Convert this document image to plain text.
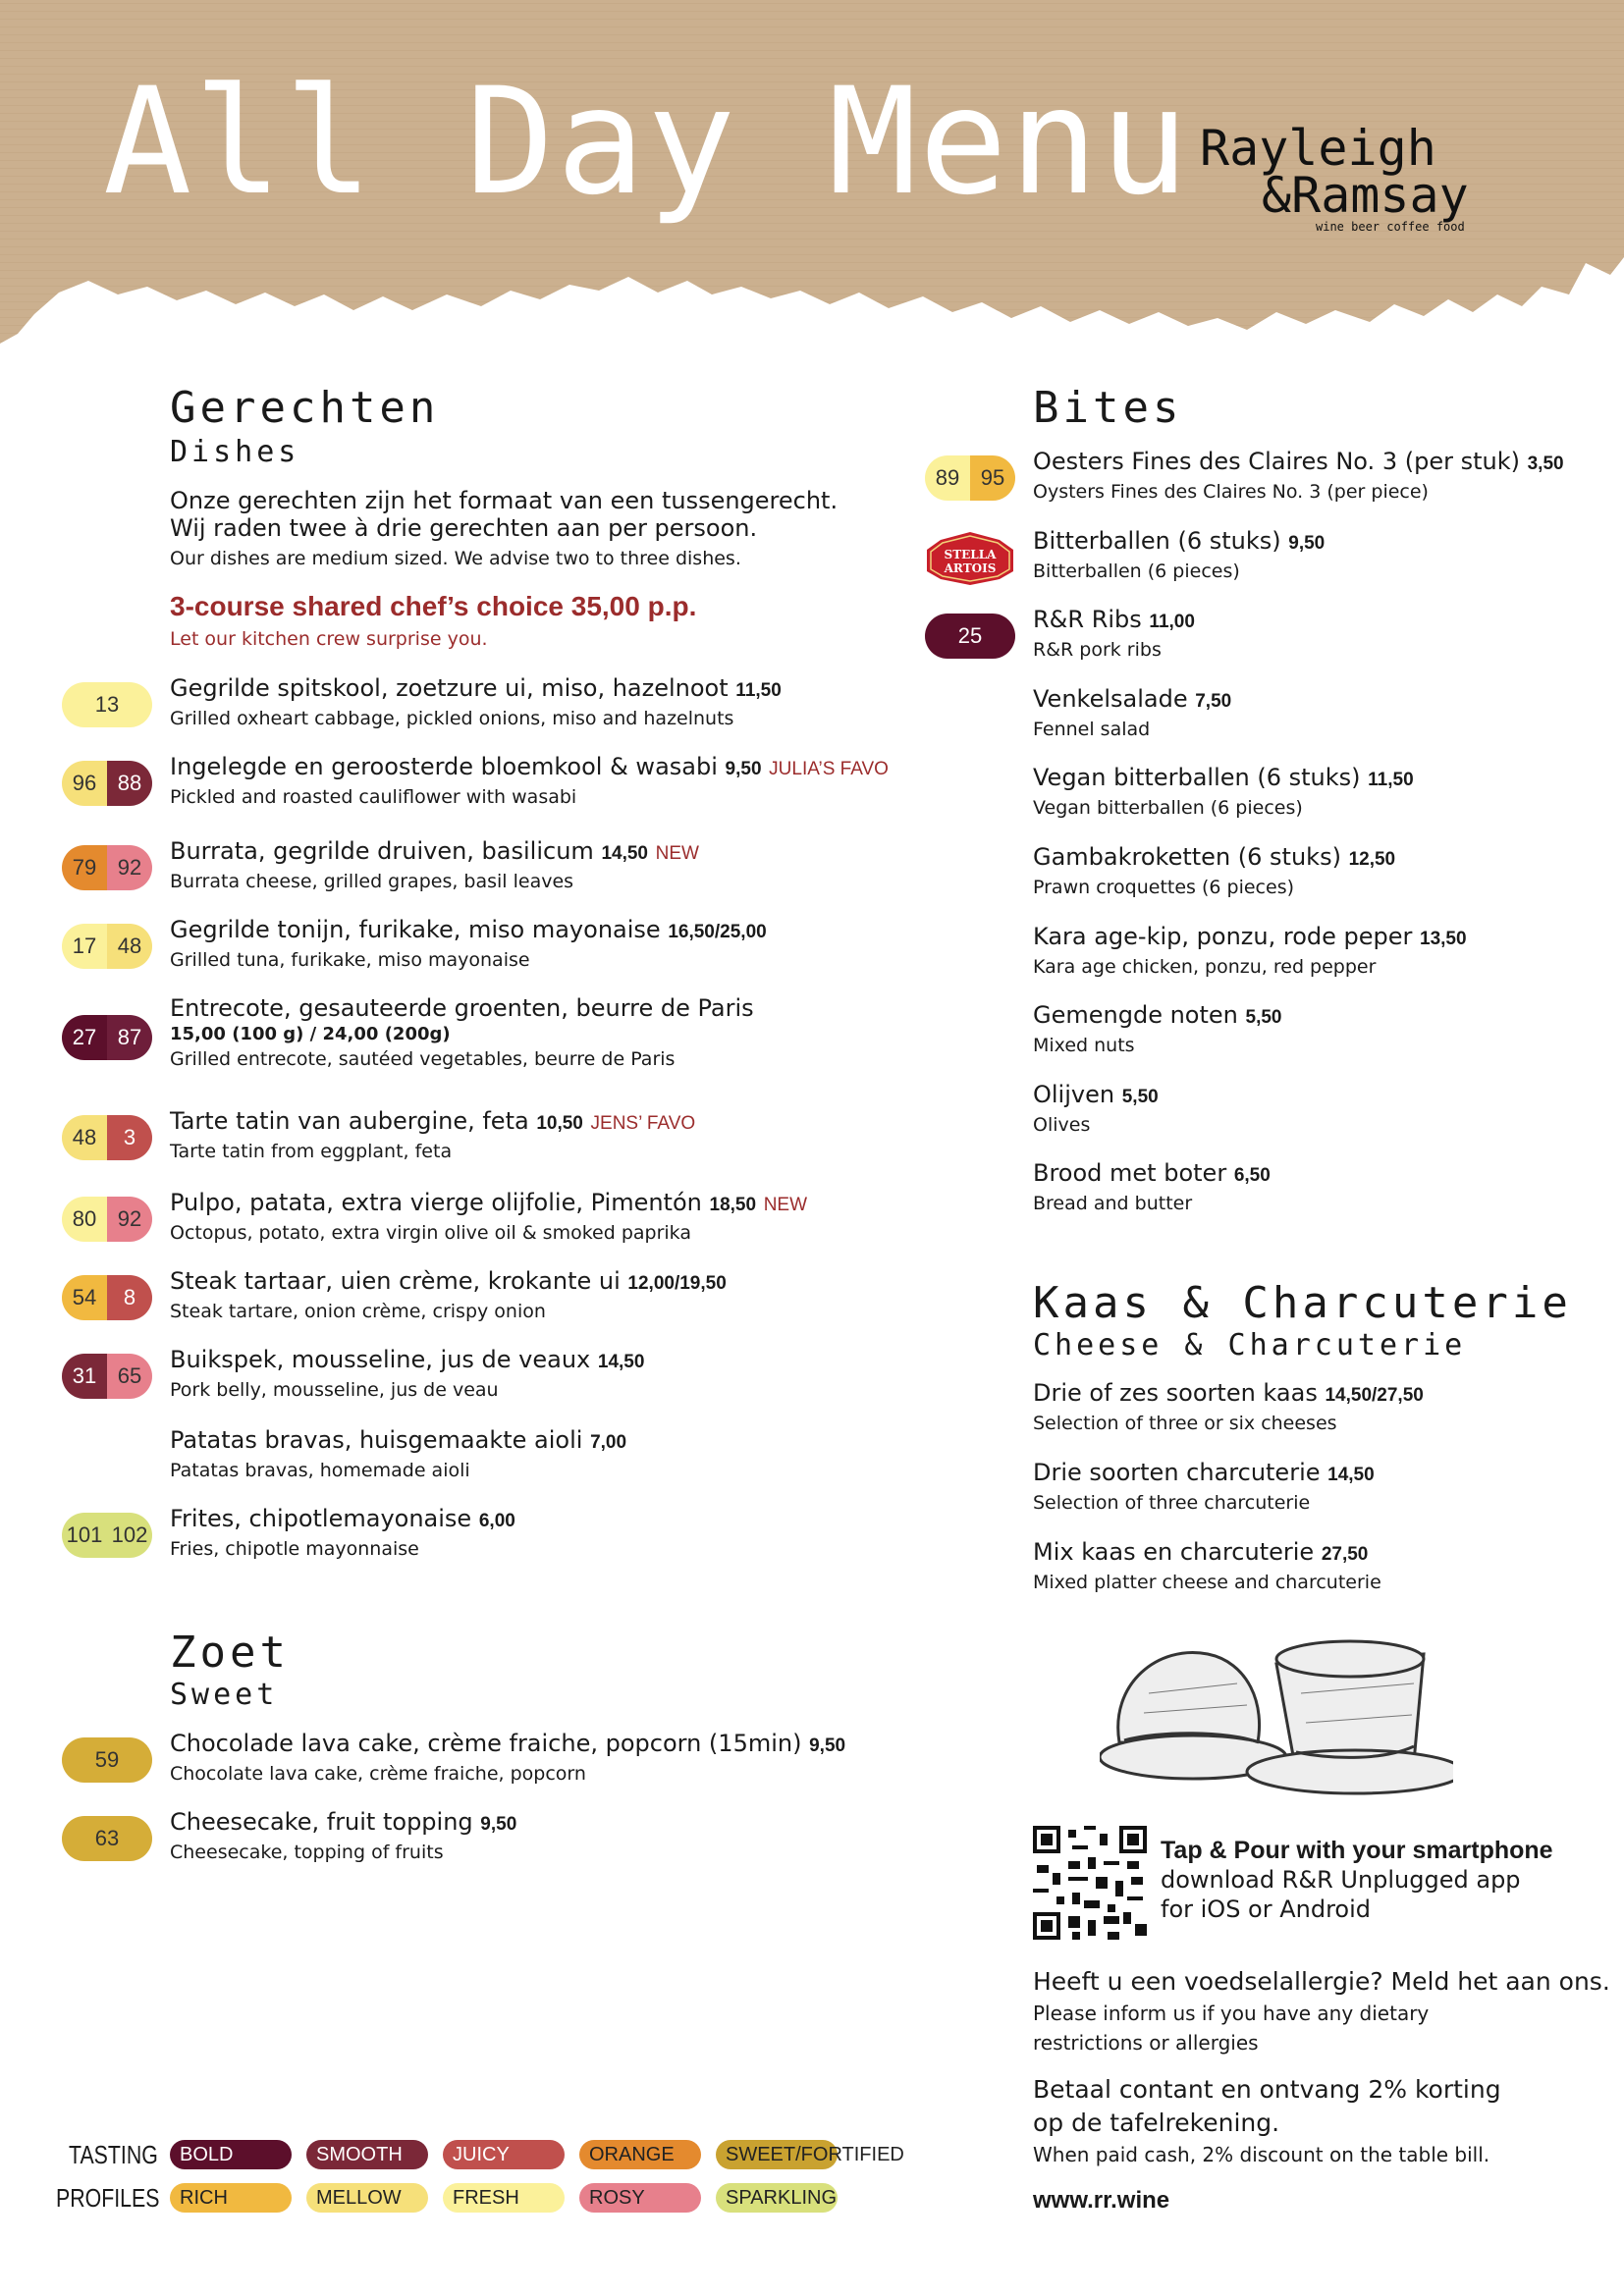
All Day Menu Rayleigh
&Ramsay
wine beer coffee food
Gerechten
Dishes
Onze gerechten zijn het formaat van een tussengerecht.
Wij raden twee à drie gerechten aan per persoon.
Our dishes are medium sized. We advise two to three dishes.
3-course shared chef’s choice 35,00 p.p.
Let our kitchen crew surprise you.
Gegrilde spitskool, zoetzure ui, miso, hazelnoot 11,50
Grilled oxheart cabbage, pickled onions, miso and hazelnuts
13
Ingelegde en geroosterde bloemkool & wasabi 9,50 JULIA’S FAVO
Pickled and roasted cauliflower with wasabi
96 88
Burrata, gegrilde druiven, basilicum 14,50 NEW
Burrata cheese, grilled grapes, basil leaves
79 92
Gegrilde tonijn, furikake, miso mayonaise 16,50/25,00
Grilled tuna, furikake, miso mayonaise
17 48
Entrecote, gesauteerde groenten, beurre de Paris
15,00 (100 g) / 24,00 (200g)
Grilled entrecote, sautéed vegetables, beurre de Paris
27 87
Tarte tatin van aubergine, feta 10,50 JENS’ FAVO
Tarte tatin from eggplant, feta
48	3
Pulpo, patata, extra vierge olijfolie, Pimentón 18,50 NEW
Octopus, potato, extra virgin olive oil & smoked paprika
80 92
Steak tartaar, uien crème, krokante ui 12,00/19,50
Steak tartare, onion crème, crispy onion
54	8
Buikspek, mousseline, jus de veaux 14,50
Pork belly, mousseline, jus de veau
31 65
Patatas bravas, huisgemaakte aioli 7,00
Patatas bravas, homemade aioli
Frites, chipotlemayonaise 6,00
Fries, chipotle mayonnaise
101 102
Zoet
Sweet
Chocolade lava cake, crème fraiche, popcorn (15min) 9,50
Chocolate lava cake, crème fraiche, popcorn
59
Cheesecake, fruit topping 9,50
Cheesecake, topping of fruits
63
Bites
Oesters Fines des Claires No. 3 (per stuk) 3,50
Oysters Fines des Claires No. 3 (per piece)
89 95
Bitterballen (6 stuks) 9,50
Bitterballen (6 pieces)
STELLA
ARTOIS
R&R Ribs 11,00
R&R pork ribs
25
Venkelsalade 7,50
Fennel salad
Vegan bitterballen (6 stuks) 11,50
Vegan bitterballen (6 pieces)
Gambakroketten (6 stuks) 12,50
Prawn croquettes (6 pieces)
Kara age-kip, ponzu, rode peper 13,50
Kara age chicken, ponzu, red pepper
Gemengde noten 5,50
Mixed nuts
Olijven 5,50
Olives
Brood met boter 6,50
Bread and butter
Kaas & Charcuterie
Cheese & Charcuterie
Drie of zes soorten kaas 14,50/27,50
Selection of three or six cheeses
Drie soorten charcuterie 14,50
Selection of three charcuterie
Mix kaas en charcuterie 27,50
Mixed platter cheese and charcuterie
Tap & Pour with your smartphone
download R&R Unplugged app
for iOS or Android
Heeft u een voedselallergie? Meld het aan ons.
Please inform us if you have any dietary
restrictions or allergies
Betaal contant en ontvang 2% korting
op de tafelrekening.
When paid cash, 2% discount on the table bill.
www.rr.wine
TASTING
PROFILES
BOLD	SMOOTH	JUICY	ORANGE	SWEET/FORTIFIED
RICH	MELLOW	FRESH	ROSY	SPARKLING
